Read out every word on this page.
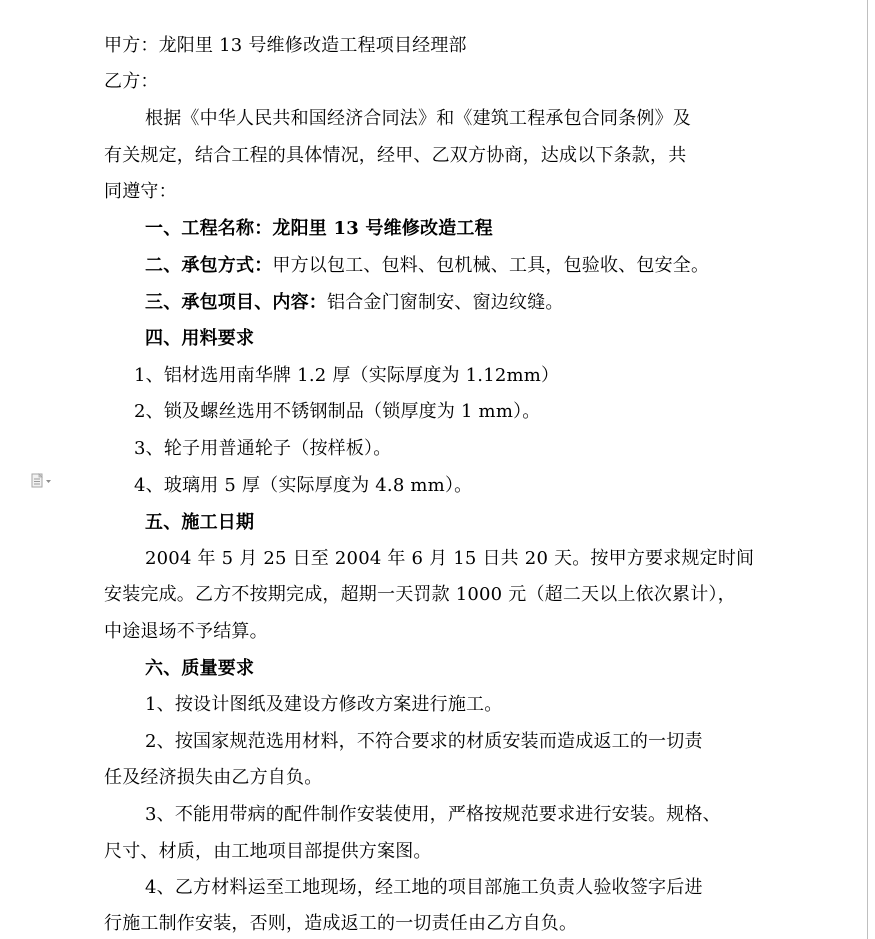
甲方：龙阳里 13 号维修改造工程项目经理部
乙方：
根据《中华人民共和国经济合同法》和《建筑工程承包合同条例》及
有关规定，结合工程的具体情况，经甲、乙双方协商，达成以下条款，共
同遵守：
一、工程名称：龙阳里 13 号维修改造工程
二、承包方式：甲方以包工、包料、包机械、工具，包验收、包安全。
三、承包项目、内容：铝合金门窗制安、窗边纹缝。
四、用料要求
1、铝材选用南华牌 1.2 厚（实际厚度为 1.12mm）
2、锁及螺丝选用不锈钢制品（锁厚度为 1 mm）。
3、轮子用普通轮子（按样板）。
4、玻璃用 5 厚（实际厚度为 4.8 mm）。
五、施工日期
2004 年 5 月 25 日至 2004 年 6 月 15 日共 20 天。按甲方要求规定时间
安装完成。乙方不按期完成，超期一天罚款 1000 元（超二天以上依次累计），
中途退场不予结算。
六、质量要求
1、按设计图纸及建设方修改方案进行施工。
2、按国家规范选用材料，不符合要求的材质安装而造成返工的一切责
任及经济损失由乙方自负。
3、不能用带病的配件制作安装使用，严格按规范要求进行安装。规格、
尺寸、材质，由工地项目部提供方案图。
4、乙方材料运至工地现场，经工地的项目部施工负责人验收签字后进
行施工制作安装，否则，造成返工的一切责任由乙方自负。
